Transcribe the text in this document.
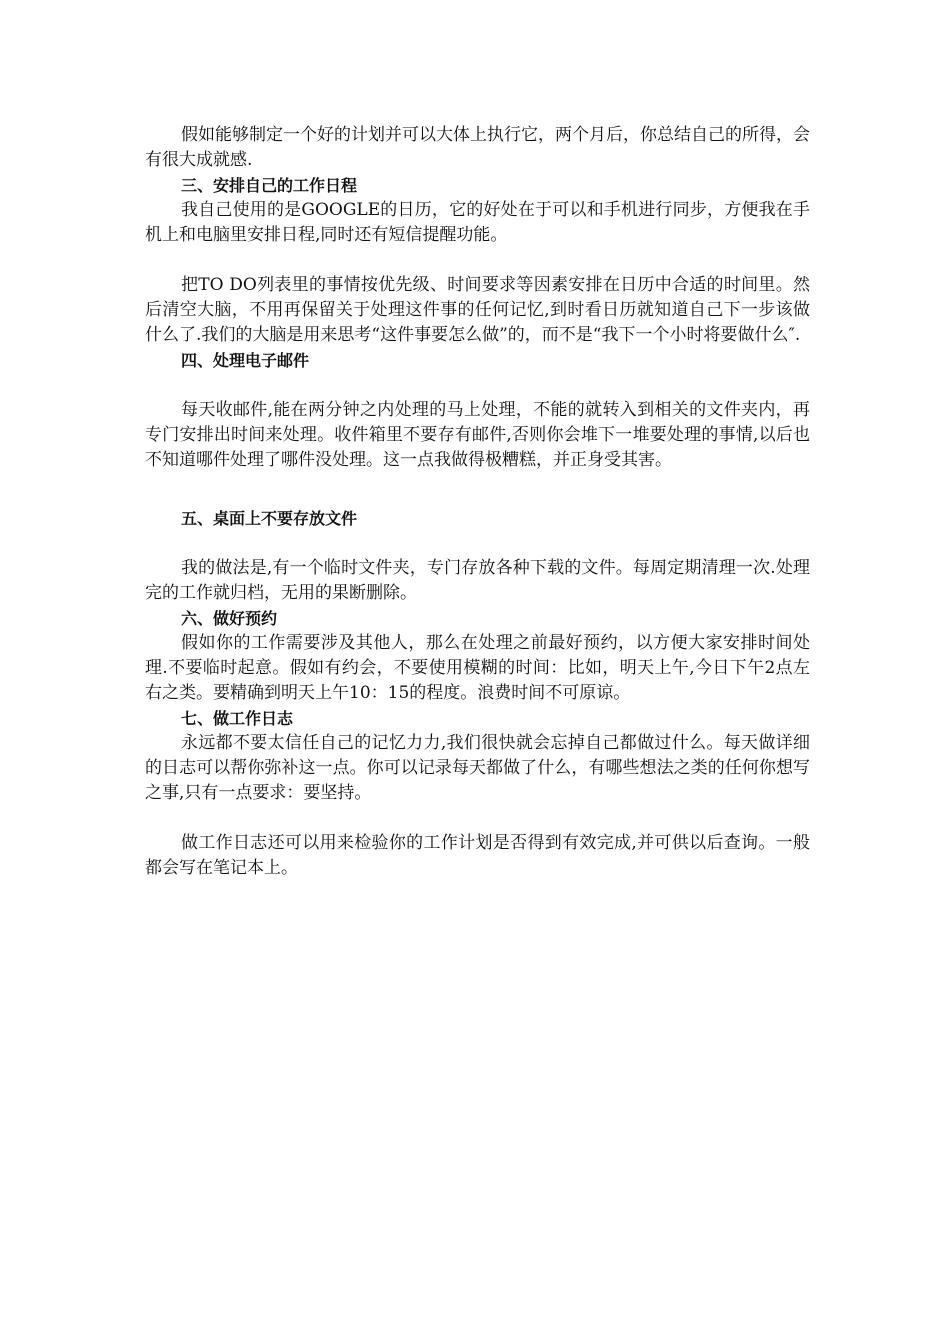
假如能够制定一个好的计划并可以大体上执行它，两个月后，你总结自己的所得，会有很大成就感.

三、安排自己的工作日程

我自己使用的是GOOGLE的日历，它的好处在于可以和手机进行同步，方便我在手机上和电脑里安排日程,同时还有短信提醒功能。

把TO DO列表里的事情按优先级、时间要求等因素安排在日历中合适的时间里。然后清空大脑，不用再保留关于处理这件事的任何记忆,到时看日历就知道自己下一步该做什么了.我们的大脑是用来思考“这件事要怎么做”的，而不是“我下一个小时将要做什么″.

四、处理电子邮件

每天收邮件,能在两分钟之内处理的马上处理，不能的就转入到相关的文件夹内，再专门安排出时间来处理。收件箱里不要存有邮件,否则你会堆下一堆要处理的事情,以后也不知道哪件处理了哪件没处理。这一点我做得极糟糕，并正身受其害。

五、桌面上不要存放文件

我的做法是,有一个临时文件夹，专门存放各种下载的文件。每周定期清理一次.处理完的工作就归档，无用的果断删除。

六、做好预约

假如你的工作需要涉及其他人，那么在处理之前最好预约，以方便大家安排时间处理.不要临时起意。假如有约会，不要使用模糊的时间：比如，明天上午,今日下午2点左右之类。要精确到明天上午10：15的程度。浪费时间不可原谅。

七、做工作日志

永远都不要太信任自己的记忆力力,我们很快就会忘掉自己都做过什么。每天做详细的日志可以帮你弥补这一点。你可以记录每天都做了什么，有哪些想法之类的任何你想写之事,只有一点要求：要坚持。

做工作日志还可以用来检验你的工作计划是否得到有效完成,并可供以后查询。一般都会写在笔记本上。
